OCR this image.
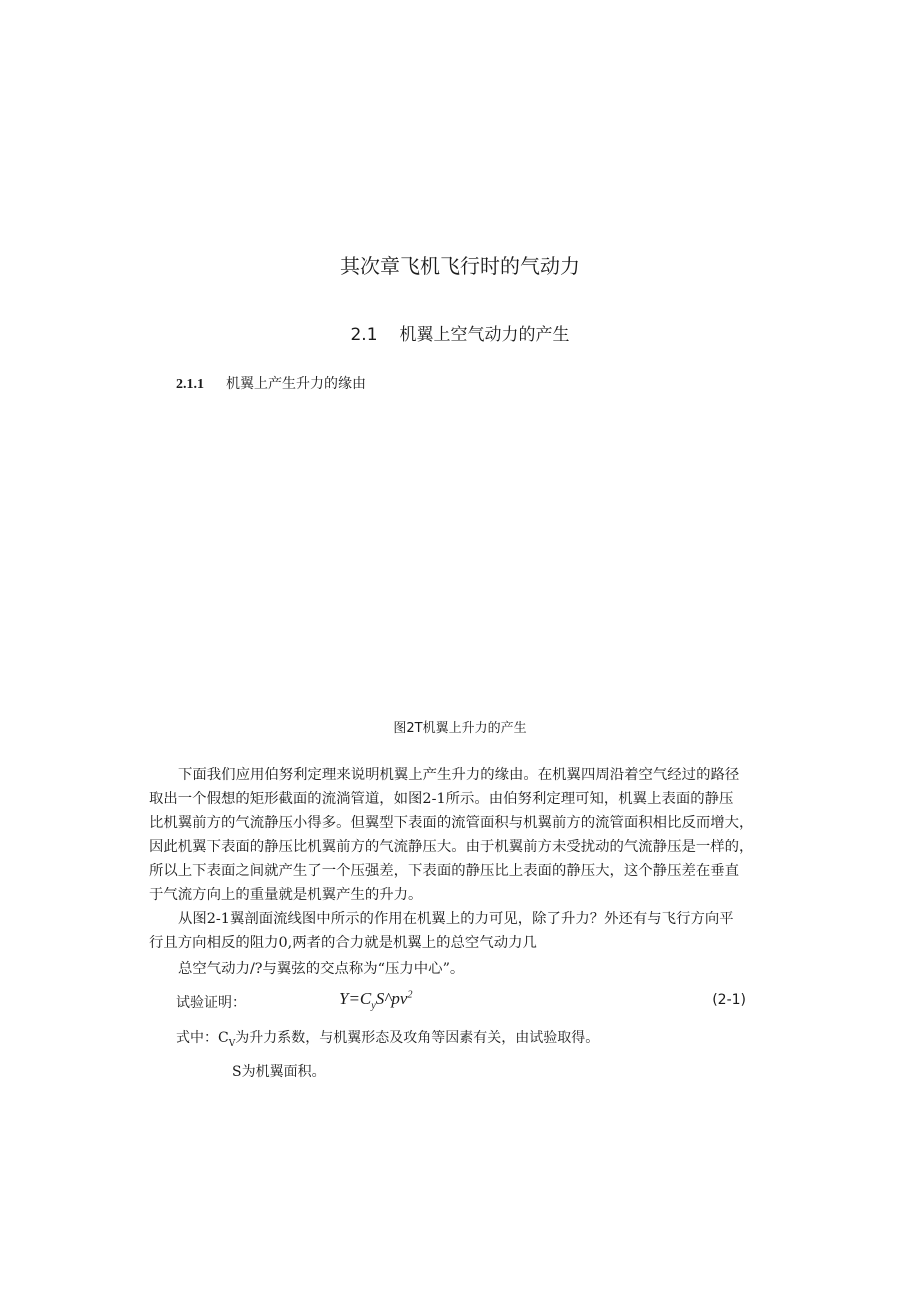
其次章飞机飞行时的气动力
2.1 机翼上空气动力的产生
2.1.1 机翼上产生升力的缘由
图2T机翼上升力的产生
下面我们应用伯努利定理来说明机翼上产生升力的缘由。在机翼四周沿着空气经过的路径
取出一个假想的矩形截面的流淌管道，如图2-1所示。由伯努利定理可知，机翼上表面的静压
比机翼前方的气流静压小得多。但翼型下表面的流管面积与机翼前方的流管面积相比反而增大，
因此机翼下表面的静压比机翼前方的气流静压大。由于机翼前方未受扰动的气流静压是一样的，
所以上下表面之间就产生了一个压强差，下表面的静压比上表面的静压大，这个静压差在垂直
于气流方向上的重量就是机翼产生的升力。
从图2-1翼剖面流线图中所示的作用在机翼上的力可见，除了升力？外还有与飞行方向平
行且方向相反的阻力0,两者的合力就是机翼上的总空气动力几
总空气动力/?与翼弦的交点称为“压力中心”。
试验证明：	$Y=C_yS\^{}pv^2$	(2-1)
式中：$C_V$为升力系数，与机翼形态及攻角等因素有关，由试验取得。
S为机翼面积。
